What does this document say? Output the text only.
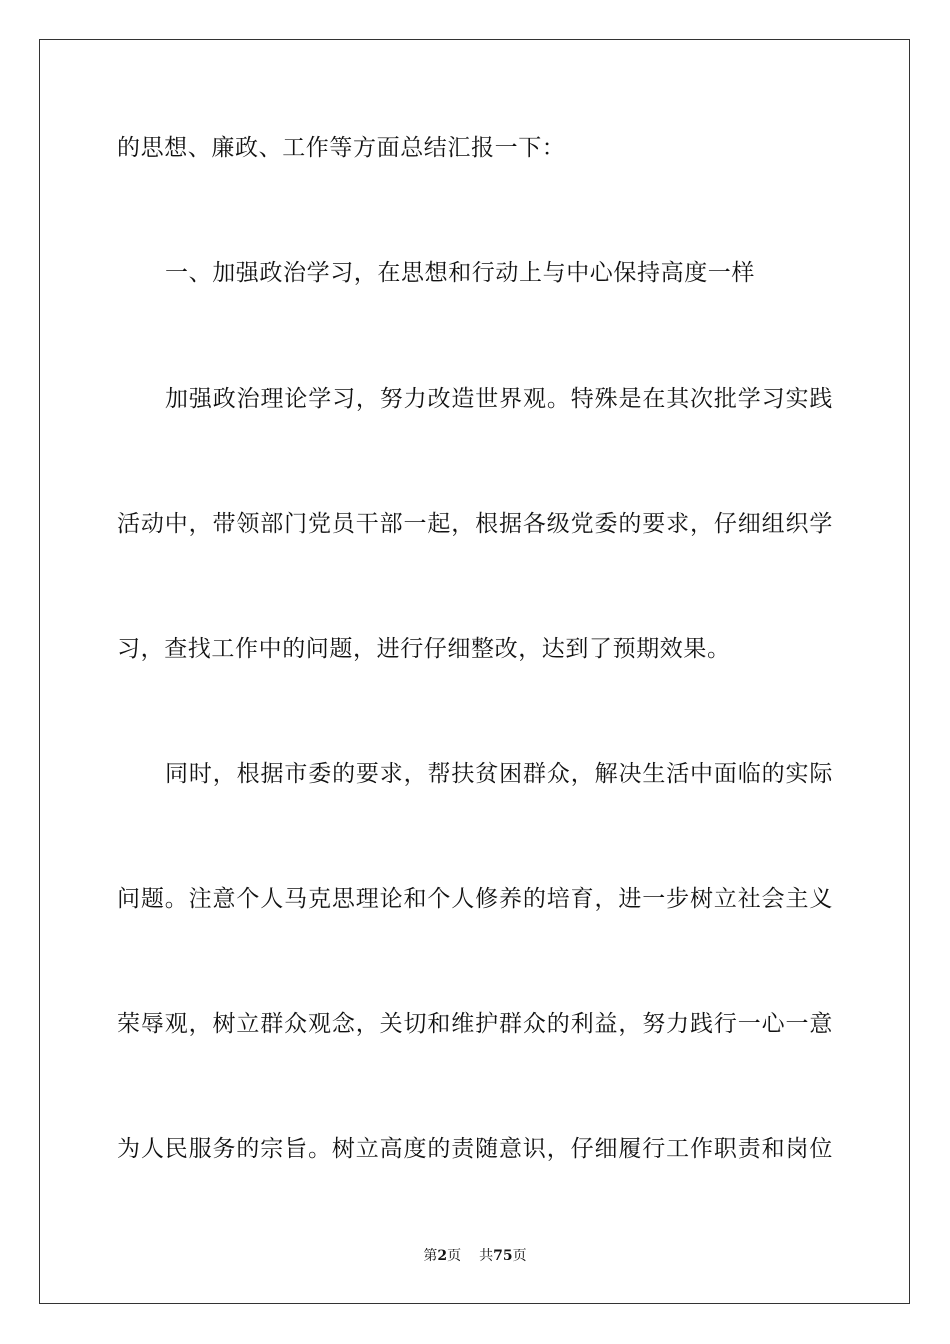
的思想、廉政、工作等方面总结汇报一下：
一、加强政治学习，在思想和行动上与中心保持高度一样
加强政治理论学习，努力改造世界观。特殊是在其次批学习实践
活动中，带领部门党员干部一起，根据各级党委的要求，仔细组织学
习，查找工作中的问题，进行仔细整改，达到了预期效果。
同时，根据市委的要求，帮扶贫困群众，解决生活中面临的实际
问题。注意个人马克思理论和个人修养的培育，进一步树立社会主义
荣辱观，树立群众观念，关切和维护群众的利益，努力践行一心一意
为人民服务的宗旨。树立高度的责随意识，仔细履行工作职责和岗位
第2页 共75页
